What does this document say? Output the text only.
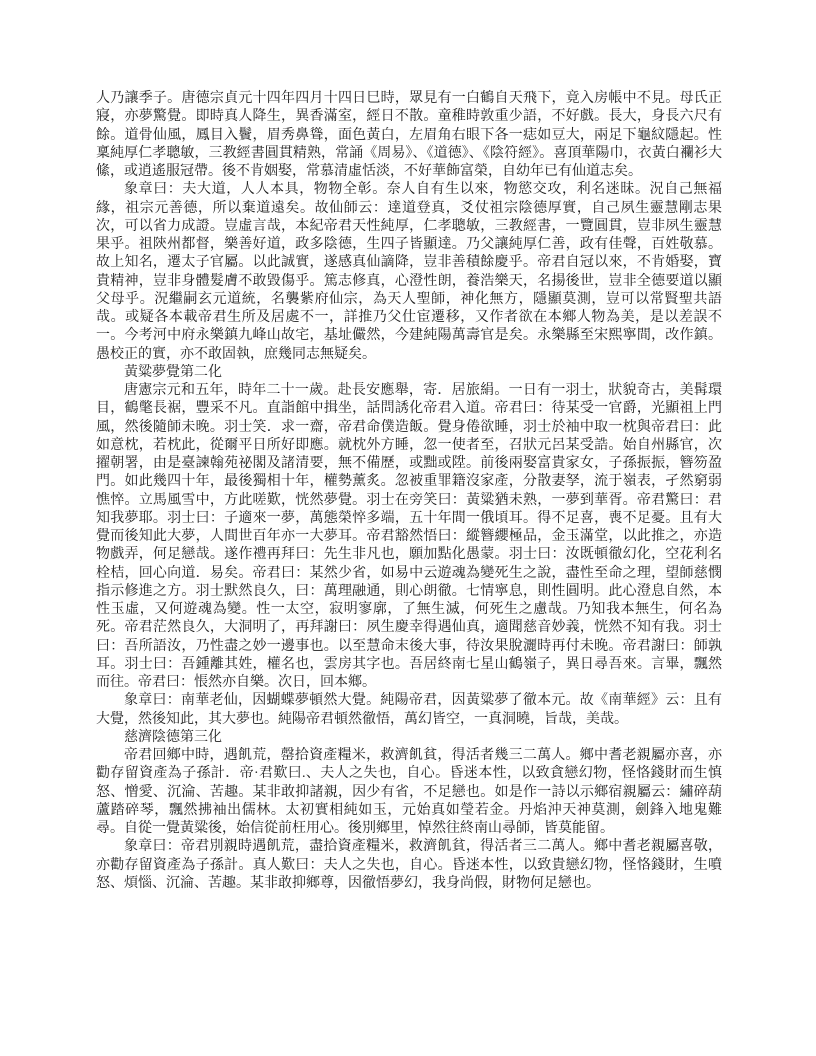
人乃讓季子。唐德宗貞元十四年四月十四日巳時，眾見有一白鶴自天飛下，竟入房帳中不見。母氏正寢，亦夢驚覺。即時真人降生，異香滿室，經日不散。童稚時敦重少語，不好戲。長大，身長六尺有餘。道骨仙風，鳳目入鬢，眉秀鼻聳，面色黃白，左眉角右眼下各一痣如豆大，兩足下龜紋隱起。性稟純厚仁孝聰敏，三教經書圓貫精熟，常誦《周易》、《道德》、《陰符經》。喜頂華陽巾，衣黃白襴衫大絛，或逍遙服冠帶。後不肯姻娶，常慕清虛恬淡，不好華飾富榮，自幼年已有仙道志矣。

象章曰：夫大道，人人本具，物物全彰。奈人自有生以來，物慾交攻，利名迷昧。況自己無福緣，祖宗元善德，所以棄道遠矣。故仙師云：達道登真，爻仗祖宗陰德厚實，自己夙生靈慧剛志果次，可以省力成證。豈虛言哉，本紀帝君天性純厚，仁孝聰敏，三教經書，一覽圓貫，豈非夙生靈慧果乎。祖陝州都督，樂善好道，政多陰德，生四子皆顯達。乃父讓純厚仁善，政有佳聲，百姓敬慕。故上知名，遷太子官屬。以此誠實，遂感真仙謫降，豈非善積餘慶乎。帝君自冠以來，不肯婚娶，寶貴精神，豈非身體髮膚不敢毀傷乎。篤志修真，心澄性朗，養浩樂天，名揚後世，豈非全德要道以顯父母乎。況繼嗣玄元道統，名襲紫府仙宗，為天人聖師，神化無方，隱顯莫測，豈可以常賢聖共語哉。或疑各本載帝君生所及居處不一，詳推乃父仕宦遷移，又作者欲在本鄉人物為美，是以差誤不一。今考河中府永樂鎮九峰山故宅，基址儼然，今建純陽萬壽官是矣。永樂縣至宋熙寧間，改作鎮。愚校正的實，亦不敢固執，庶幾同志無疑矣。

黃粱夢覺第二化

唐憲宗元和五年，時年二十一歲。赴長安應舉，寄．居旅絹。一日有一羽士，狀貌奇古，美髯環目，鶴氅長裾，豐采不凡。直詣館中揖坐，話問誘化帝君入道。帝君曰：待某受一官爵，光顯祖上門風，然後隨師未晚。羽士笑．求一齋，帝君命僕造飯。覺身倦欲睡，羽士於袖中取一枕與帝君曰：此如意枕，若枕此，從爾平日所好即應。就枕外方睡，忽一使者至，召狀元呂某受誥。始自州縣官，次擢朝署，由是臺諫翰苑祕閣及諸清要，無不備歷，或黜或陞。前後兩娶富貴家女，子孫振振，簪笏盈門。如此幾四十年，最後獨相十年，權勢薰炙。忽被重罪籍沒家產，分散妻孥，流于嶺表，孑然窮弱憔悴。立馬風雪中，方此嗟歎，恍然夢覺。羽士在旁笑曰：黃粱猶未熟，一夢到華胥。帝君驚曰：君知我夢耶。羽士曰：子適來一夢，萬態榮悴多端，五十年間一俄頃耳。得不足喜，喪不足憂。且有大覺而後知此大夢，人間世百年亦一大夢耳。帝君豁然悟曰：縱簪纓極品，金玉滿堂，以此推之，亦造物戲弄，何足戀哉。遂作禮再拜曰：先生非凡也，願加點化愚蒙。羽士曰：汝既頓徹幻化，空花利名栓桔，回心向道．易矣。帝君曰：某然少省，如易中云遊魂為變死生之說，盡性至命之理，望師慈憫指示修進之方。羽士默然良久，曰：萬理融通，則心朗徹。七情寧息，則性圓明。此心澄息自然，本性玉虛，又何遊魂為變。性一太空，寂明寥廓，了無生滅，何死生之慮哉。乃知我本無生，何名為死。帝君茫然良久，大洞明了，再拜謝曰：夙生慶幸得遇仙真，適聞慈音妙義，恍然不知有我。羽士曰：吾所語汝，乃性盡之妙一邊事也。以至慧命末後大事，待汝果脫灑時再付未晚。帝君謝曰：師孰耳。羽士曰：吾鍾離其姓，權名也，雲房其字也。吾居終南七星山鶴嶺子，異日尋吾來。言畢，飄然而往。帝君曰：悵然亦自樂。次日，回本鄉。

象章曰：南華老仙，因蝴蝶夢頓然大覺。純陽帝君，因黃粱夢了徹本元。故《南華經》云：且有大覺，然後知此，其大夢也。純陽帝君頓然徹悟，萬幻皆空，一真洞曉，旨哉，美哉。

慈濟陰德第三化

帝君回鄉中時，遇飢荒，罄拾資產糧米，救濟飢貧，得活者幾三二萬人。鄉中耆老親屬亦喜，亦勸存留資產為子孫計．帝·君歎曰.、夫人之失也，自心。昏迷本性，以致貪戀幻物，怪恪錢財而生慎怒、憎愛、沉淪、苦趣。某非敢抑諸親，因少有省，不足戀也。如是作一詩以示鄉宿親屬云：繡碎葫蘆踏碎琴，飄然拂袖出儒林。太初實相純如玉，元始真如瑩若金。丹焰沖天神莫測，劍鋒入地鬼難尋。自從一覺黃粱後，始信從前枉用心。後別鄉里，悼然往終南山尋師，皆莫能留。

象章曰：帝君別親時遇飢荒，盡拾資產糧米，救濟飢貧，得活者三二萬人。鄉中耆老親屬喜敬，亦勸存留資產為子孫計。真人歎曰：夫人之失也，自心。昏迷本性，以致貴戀幻物，怪恪錢財，生噴怒、煩惱、沉淪、苦趣。某非敢抑鄉尊，因徹悟夢幻，我身尚假，財物何足戀也。
